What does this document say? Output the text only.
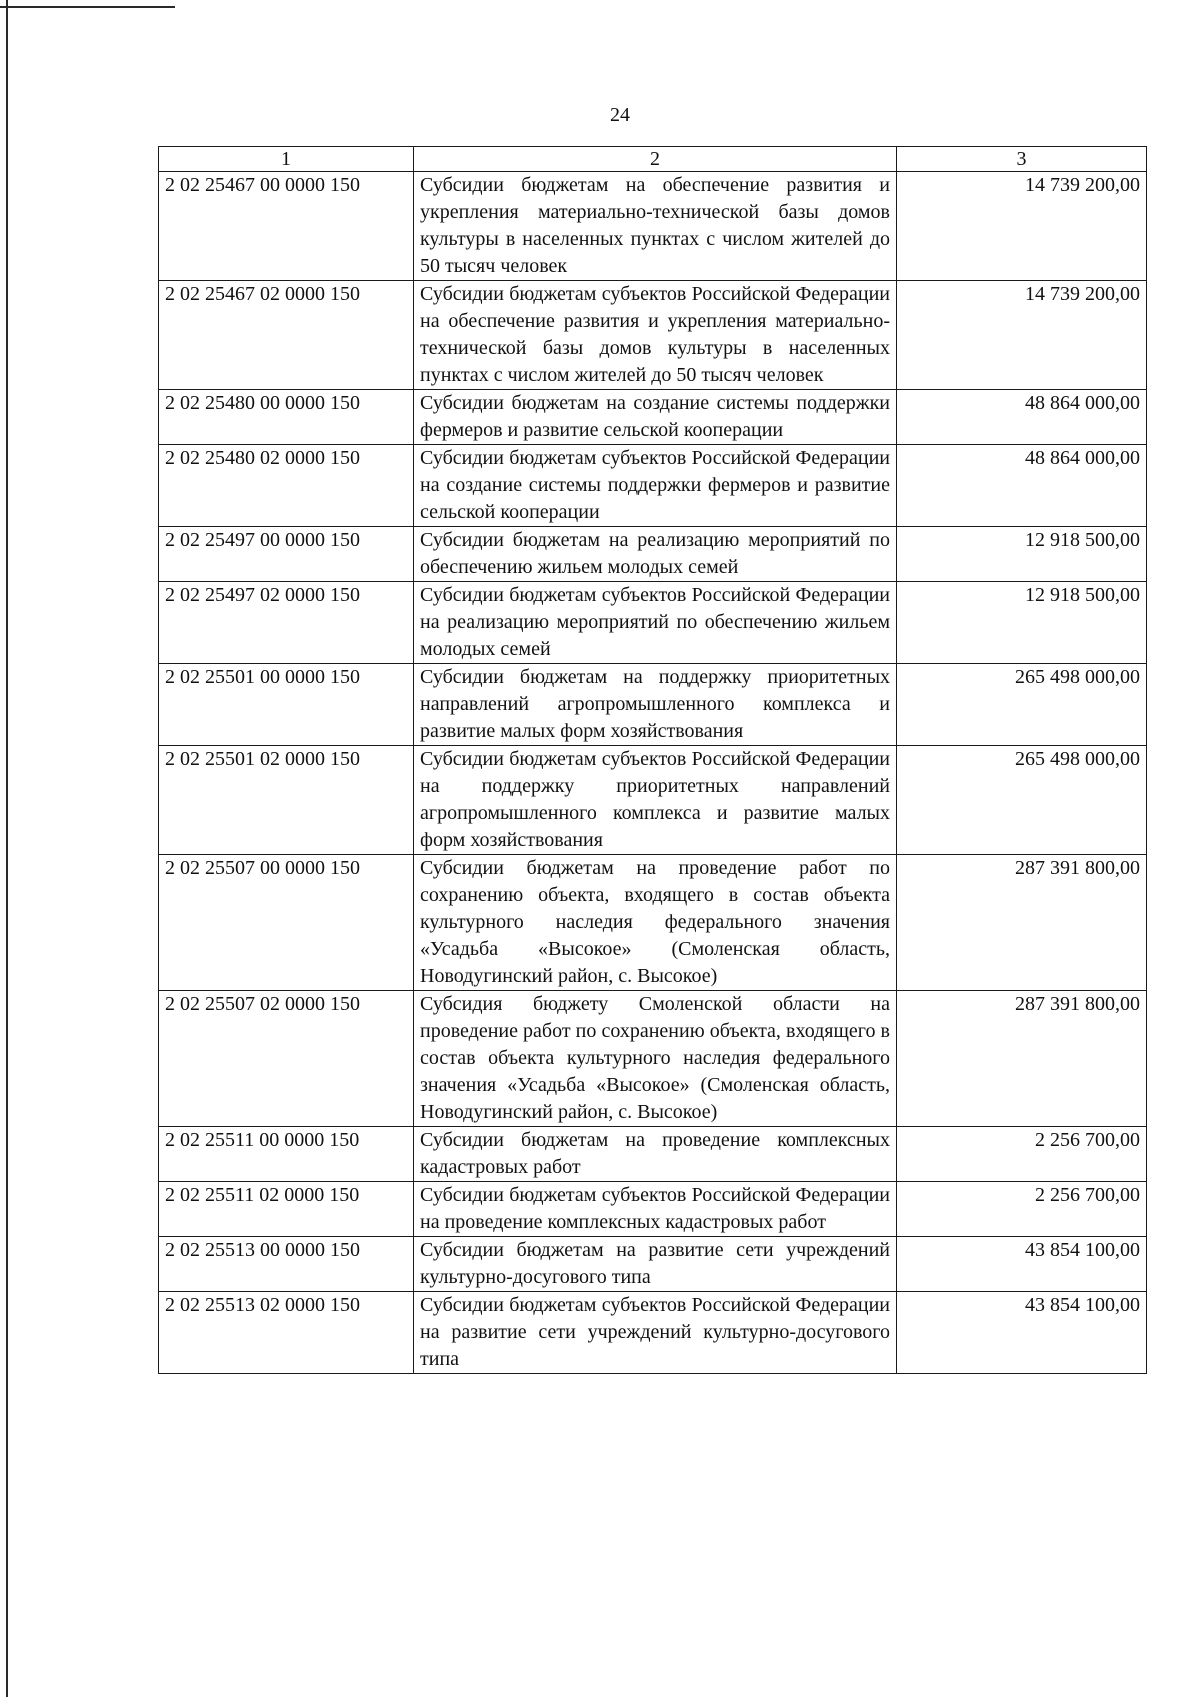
24
1	2	3
2 02 25467 00 0000 150	Субсидии бюджетам на обеспечение развития и укрепления материально-технической базы домов культуры в населенных пунктах с числом жителей до 50 тысяч человек	14 739 200,00
2 02 25467 02 0000 150	Субсидии бюджетам субъектов Российской Федерации на обеспечение развития и укрепления материально-технической базы домов культуры в населенных пунктах с числом жителей до 50 тысяч человек	14 739 200,00
2 02 25480 00 0000 150	Субсидии бюджетам на создание системы поддержки фермеров и развитие сельской кооперации	48 864 000,00
2 02 25480 02 0000 150	Субсидии бюджетам субъектов Российской Федерации на создание системы поддержки фермеров и развитие сельской кооперации	48 864 000,00
2 02 25497 00 0000 150	Субсидии бюджетам на реализацию мероприятий по обеспечению жильем молодых семей	12 918 500,00
2 02 25497 02 0000 150	Субсидии бюджетам субъектов Российской Федерации на реализацию мероприятий по обеспечению жильем молодых семей	12 918 500,00
2 02 25501 00 0000 150	Субсидии бюджетам на поддержку приоритетных направлений агропромышленного комплекса и развитие малых форм хозяйствования	265 498 000,00
2 02 25501 02 0000 150	Субсидии бюджетам субъектов Российской Федерации на поддержку приоритетных направлений агропромышленного комплекса и развитие малых форм хозяйствования	265 498 000,00
2 02 25507 00 0000 150	Субсидии бюджетам на проведение работ по сохранению объекта, входящего в состав объекта культурного наследия федерального значения «Усадьба «Высокое» (Смоленская область, Новодугинский район, с. Высокое)	287 391 800,00
2 02 25507 02 0000 150	Субсидия бюджету Смоленской области на проведение работ по сохранению объекта, входящего в состав объекта культурного наследия федерального значения «Усадьба «Высокое» (Смоленская область, Новодугинский район, с. Высокое)	287 391 800,00
2 02 25511 00 0000 150	Субсидии бюджетам на проведение комплексных кадастровых работ	2 256 700,00
2 02 25511 02 0000 150	Субсидии бюджетам субъектов Российской Федерации на проведение комплексных кадастровых работ	2 256 700,00
2 02 25513 00 0000 150	Субсидии бюджетам на развитие сети учреждений культурно-досугового типа	43 854 100,00
2 02 25513 02 0000 150	Субсидии бюджетам субъектов Российской Федерации на развитие сети учреждений культурно-досугового типа	43 854 100,00
